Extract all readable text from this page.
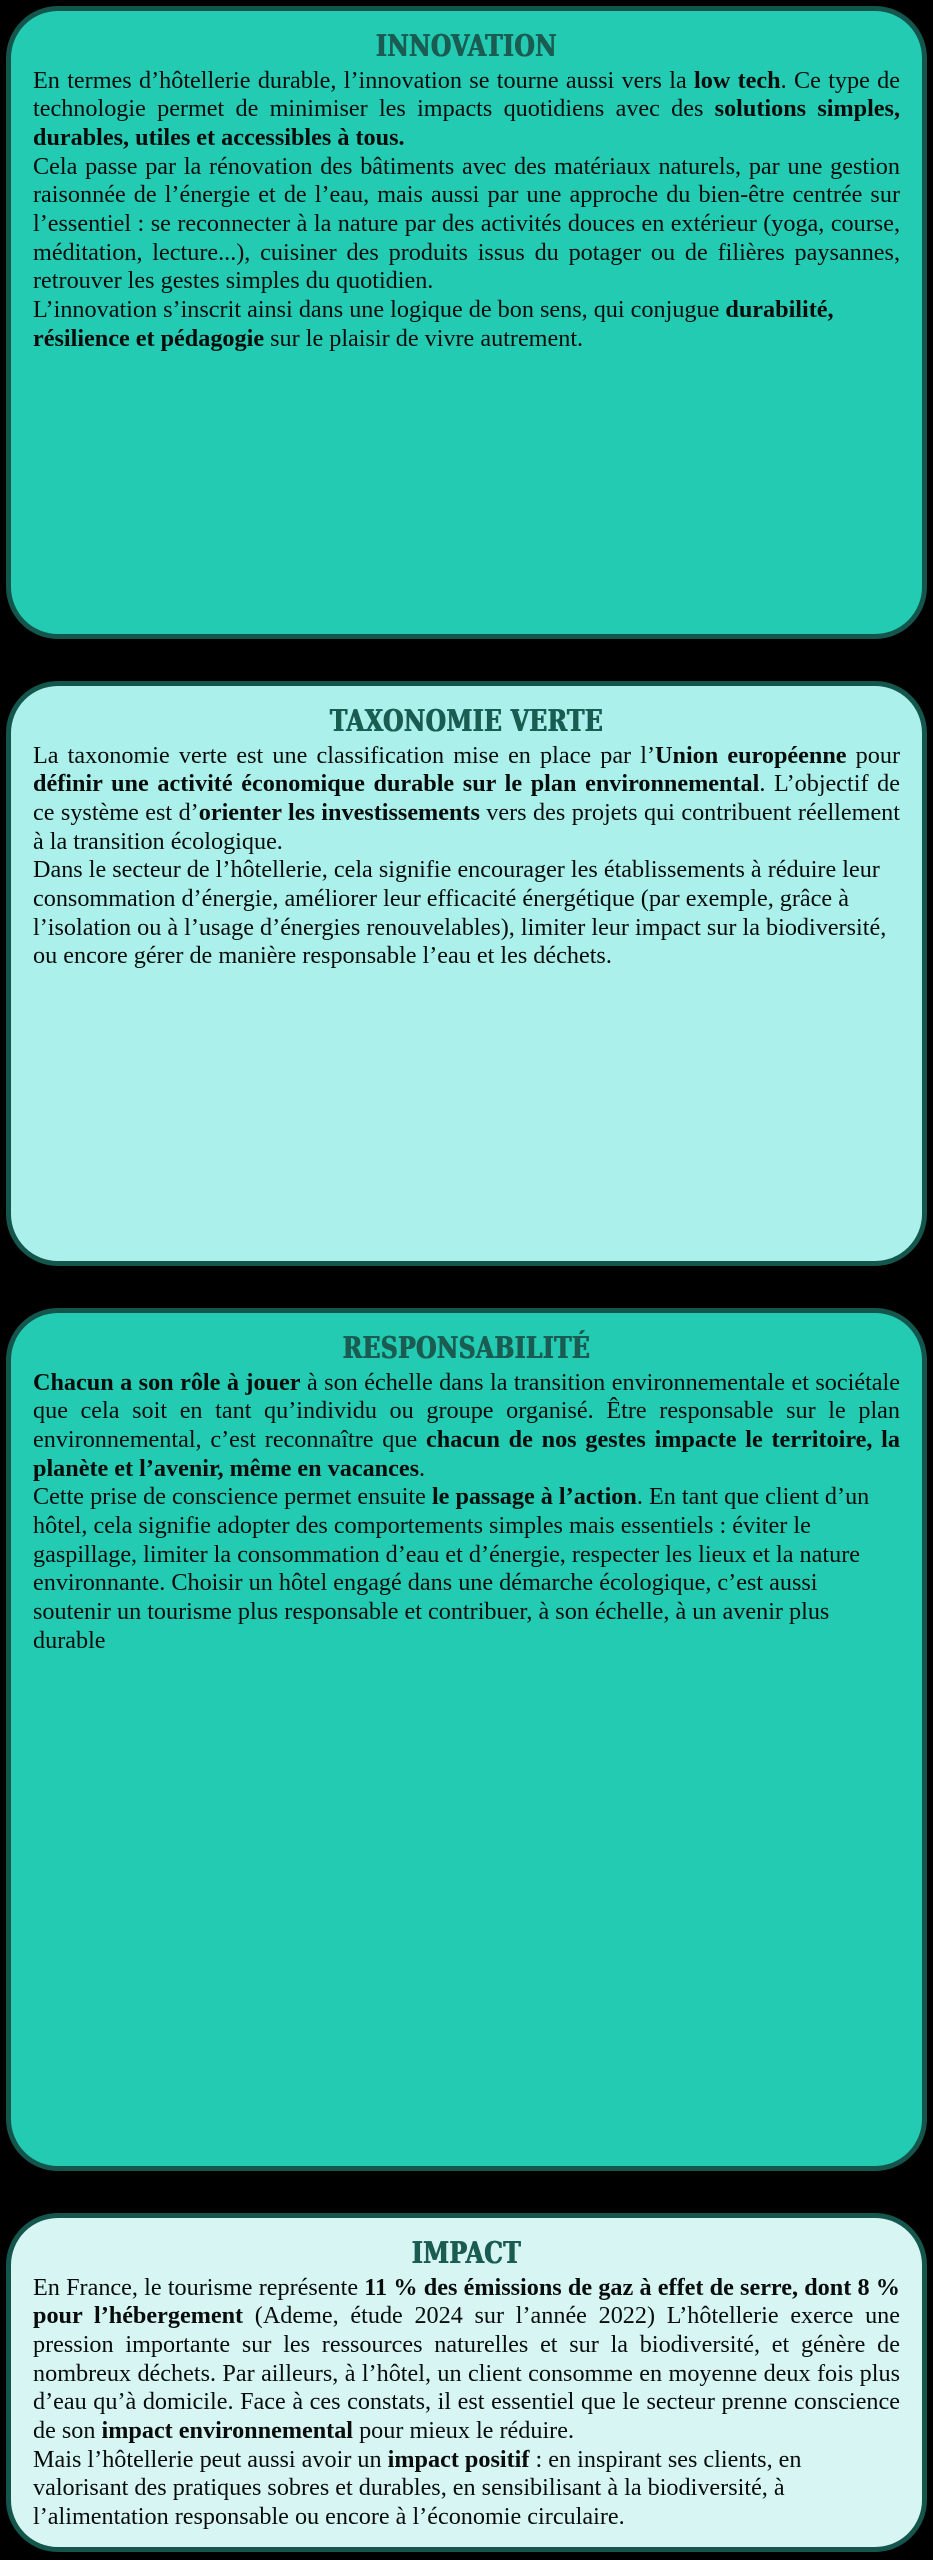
INNOVATION

En termes d’hôtellerie durable, l’innovation se tourne aussi vers la low tech. Ce type de technologie permet de minimiser les impacts quotidiens avec des solutions simples, durables, utiles et accessibles à tous.

Cela passe par la rénovation des bâtiments avec des matériaux naturels, par une gestion raisonnée de l’énergie et de l’eau, mais aussi par une approche du bien-être centrée sur l’essentiel : se reconnecter à la nature par des activités douces en extérieur (yoga, course, méditation, lecture...), cuisiner des produits issus du potager ou de filières paysannes, retrouver les gestes simples du quotidien.

L’innovation s’inscrit ainsi dans une logique de bon sens, qui conjugue durabilité, résilience et pédagogie sur le plaisir de vivre autrement.

TAXONOMIE VERTE

La taxonomie verte est une classification mise en place par l’Union européenne pour définir une activité économique durable sur le plan environnemental. L’objectif de ce système est d’orienter les investissements vers des projets qui contribuent réellement à la transition écologique.

Dans le secteur de l’hôtellerie, cela signifie encourager les établissements à réduire leur consommation d’énergie, améliorer leur efficacité énergétique (par exemple, grâce à l’isolation ou à l’usage d’énergies renouvelables), limiter leur impact sur la biodiversité, ou encore gérer de manière responsable l’eau et les déchets.

RESPONSABILITÉ

Chacun a son rôle à jouer à son échelle dans la transition environnementale et sociétale que cela soit en tant qu’individu ou groupe organisé. Être responsable sur le plan environnemental, c’est reconnaître que chacun de nos gestes impacte le territoire, la planète et l’avenir, même en vacances.

Cette prise de conscience permet ensuite le passage à l’action. En tant que client d’un hôtel, cela signifie adopter des comportements simples mais essentiels : éviter le gaspillage, limiter la consommation d’eau et d’énergie, respecter les lieux et la nature environnante. Choisir un hôtel engagé dans une démarche écologique, c’est aussi soutenir un tourisme plus responsable et contribuer, à son échelle, à un avenir plus durable

IMPACT

En France, le tourisme représente 11 % des émissions de gaz à effet de serre, dont 8 % pour l’hébergement (Ademe, étude 2024 sur l’année 2022) L’hôtellerie exerce une pression importante sur les ressources naturelles et sur la biodiversité, et génère de nombreux déchets. Par ailleurs, à l’hôtel, un client consomme en moyenne deux fois plus d’eau qu’à domicile. Face à ces constats, il est essentiel que le secteur prenne conscience de son impact environnemental pour mieux le réduire.

Mais l’hôtellerie peut aussi avoir un impact positif : en inspirant ses clients, en valorisant des pratiques sobres et durables, en sensibilisant à la biodiversité, à l’alimentation responsable ou encore à l’économie circulaire.
